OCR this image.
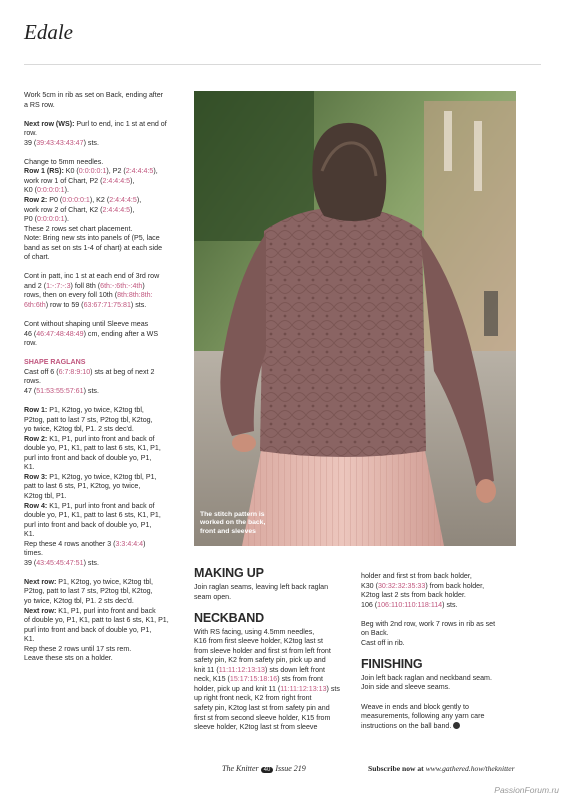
Edale

Work 5cm in rib as set on Back, ending after
a RS row.

Next row (WS): Purl to end, inc 1 st at end of
row.
39 (39:43:43:43:47) sts.

Change to 5mm needles.
Row 1 (RS): K0 (0:0:0:0:1), P2 (2:4:4:4:5),
work row 1 of Chart, P2 (2:4:4:4:5),
K0 (0:0:0:0:1).
Row 2: P0 (0:0:0:0:1), K2 (2:4:4:4:5),
work row 2 of Chart, K2 (2:4:4:4:5),
P0 (0:0:0:0:1).
These 2 rows set chart placement.
Note: Bring new sts into panels of (P5, lace
band as set on sts 1-4 of chart) at each side
of chart.

Cont in patt, inc 1 st at each end of 3rd row
and 2 (1:-:7:-:3) foll 8th (6th:-:6th:-:4th)
rows, then on every foll 10th (8th:8th:8th:
6th:6th) row to 59 (63:67:71:75:81) sts.

Cont without shaping until Sleeve meas
46 (46:47:48:48:49) cm, ending after a WS
row.

SHAPE RAGLANS
Cast off 6 (6:7:8:9:10) sts at beg of next 2
rows.
47 (51:53:55:57:61) sts.

Row 1: P1, K2tog, yo twice, K2tog tbl,
P2tog, patt to last 7 sts, P2tog tbl, K2tog,
yo twice, K2tog tbl, P1. 2 sts dec'd.
Row 2: K1, P1, purl into front and back of
double yo, P1, K1, patt to last 6 sts, K1, P1,
purl into front and back of double yo, P1,
K1.
Row 3: P1, K2tog, yo twice, K2tog tbl, P1,
patt to last 6 sts, P1, K2tog, yo twice,
K2tog tbl, P1.
Row 4: K1, P1, purl into front and back of
double yo, P1, K1, patt to last 6 sts, K1, P1,
purl into front and back of double yo, P1,
K1.
Rep these 4 rows another 3 (3:3:4:4:4)
times.
39 (43:45:45:47:51) sts.

Next row: P1, K2tog, yo twice, K2tog tbl,
P2tog, patt to last 7 sts, P2tog tbl, K2tog,
yo twice, K2tog tbl, P1. 2 sts dec'd.
Next row: K1, P1, purl into front and back
of double yo, P1, K1, patt to last 6 sts, K1, P1,
purl into front and back of double yo, P1,
K1.
Rep these 2 rows until 17 sts rem.
Leave these sts on a holder.

The stitch pattern is
worked on the back,
front and sleeves
MAKING UP

Join raglan seams, leaving left back raglan
seam open.

NECKBAND

With RS facing, using 4.5mm needles,
K16 from first sleeve holder, K2tog last st
from sleeve holder and first st from left front
safety pin, K2 from safety pin, pick up and
knit 11 (11:11:12:13:13) sts down left front
neck, K15 (15:17:15:18:16) sts from front
holder, pick up and knit 11 (11:11:12:13:13) sts
up right front neck, K2 from right front
safety pin, K2tog last st from safety pin and
first st from second sleeve holder, K15 from
sleeve holder, K2tog last st from sleeve

holder and first st from back holder,
K30 (30:32:32:35:33) from back holder,
K2tog last 2 sts from back holder.
106 (106:110:110:118:114) sts.

Beg with 2nd row, work 7 rows in rib as set
on Back.
Cast off in rib.

FINISHING

Join left back raglan and neckband seam.
Join side and sleeve seams.

Weave in ends and block gently to
measurements, following any yarn care
instructions on the ball band.

The Knitter 40 Issue 219	Subscribe now at www.gathered.how/theknitter
PassionForum.ru
